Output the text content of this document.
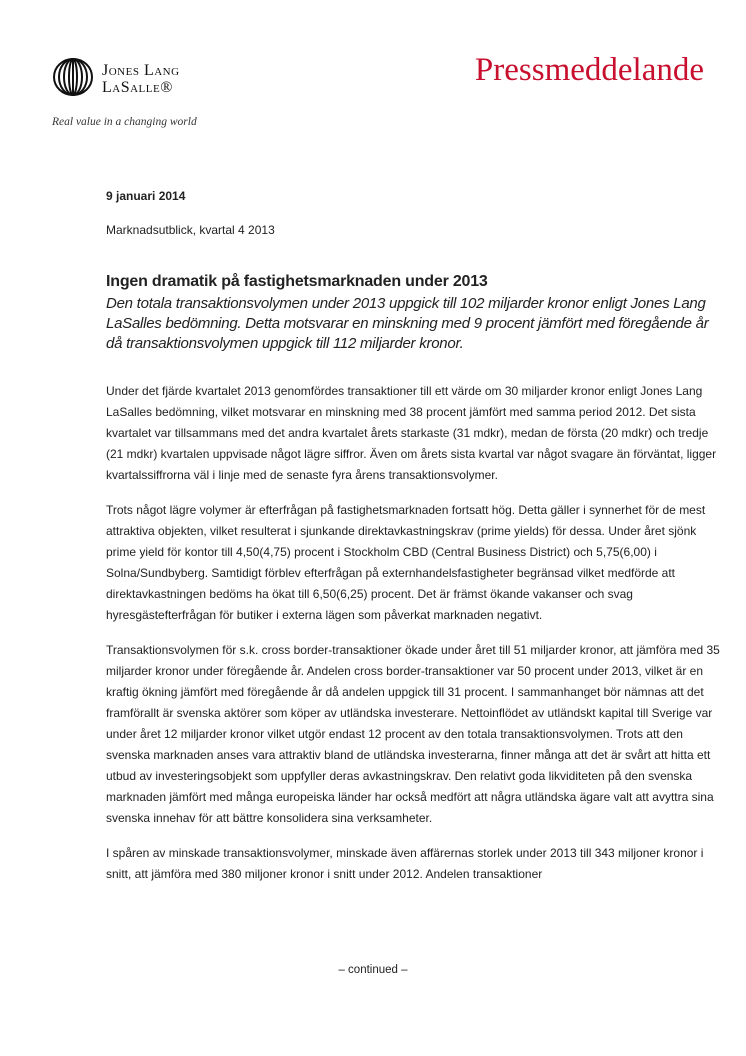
Jones Lang
LaSalle®
Real value in a changing world
Pressmeddelande

9 januari 2014

Marknadsutblick, kvartal 4 2013

Ingen dramatik på fastighetsmarknaden under 2013

Den totala transaktionsvolymen under 2013 uppgick till 102 miljarder kronor enligt Jones Lang LaSalles bedömning. Detta motsvarar en minskning med 9 procent jämfört med föregående år då transaktionsvolymen uppgick till 112 miljarder kronor.

Under det fjärde kvartalet 2013 genomfördes transaktioner till ett värde om 30 miljarder kronor enligt Jones Lang LaSalles bedömning, vilket motsvarar en minskning med 38 procent jämfört med samma period 2012. Det sista kvartalet var tillsammans med det andra kvartalet årets starkaste (31 mdkr), medan de första (20 mdkr) och tredje (21 mdkr) kvartalen uppvisade något lägre siffror. Även om årets sista kvartal var något svagare än förväntat, ligger kvartalssiffrorna väl i linje med de senaste fyra årens transaktionsvolymer.

Trots något lägre volymer är efterfrågan på fastighetsmarknaden fortsatt hög. Detta gäller i synnerhet för de mest attraktiva objekten, vilket resulterat i sjunkande direktavkastningskrav (prime yields) för dessa. Under året sjönk prime yield för kontor till 4,50(4,75) procent i Stockholm CBD (Central Business District) och 5,75(6,00) i Solna/Sundbyberg. Samtidigt förblev efterfrågan på externhandelsfastigheter begränsad vilket medförde att direktavkastningen bedöms ha ökat till 6,50(6,25) procent. Det är främst ökande vakanser och svag hyresgästefterfrågan för butiker i externa lägen som påverkat marknaden negativt.

Transaktionsvolymen för s.k. cross border-transaktioner ökade under året till 51 miljarder kronor, att jämföra med 35 miljarder kronor under föregående år. Andelen cross border-transaktioner var 50 procent under 2013, vilket är en kraftig ökning jämfört med föregående år då andelen uppgick till 31 procent. I sammanhanget bör nämnas att det framförallt är svenska aktörer som köper av utländska investerare. Nettoinflödet av utländskt kapital till Sverige var under året 12 miljarder kronor vilket utgör endast 12 procent av den totala transaktionsvolymen. Trots att den svenska marknaden anses vara attraktiv bland de utländska investerarna, finner många att det är svårt att hitta ett utbud av investeringsobjekt som uppfyller deras avkastningskrav. Den relativt goda likviditeten på den svenska marknaden jämfört med många europeiska länder har också medfört att några utländska ägare valt att avyttra sina svenska innehav för att bättre konsolidera sina verksamheter.

I spåren av minskade transaktionsvolymer, minskade även affärernas storlek under 2013 till 343 miljoner kronor i snitt, att jämföra med 380 miljoner kronor i snitt under 2012. Andelen transaktioner

– continued –
